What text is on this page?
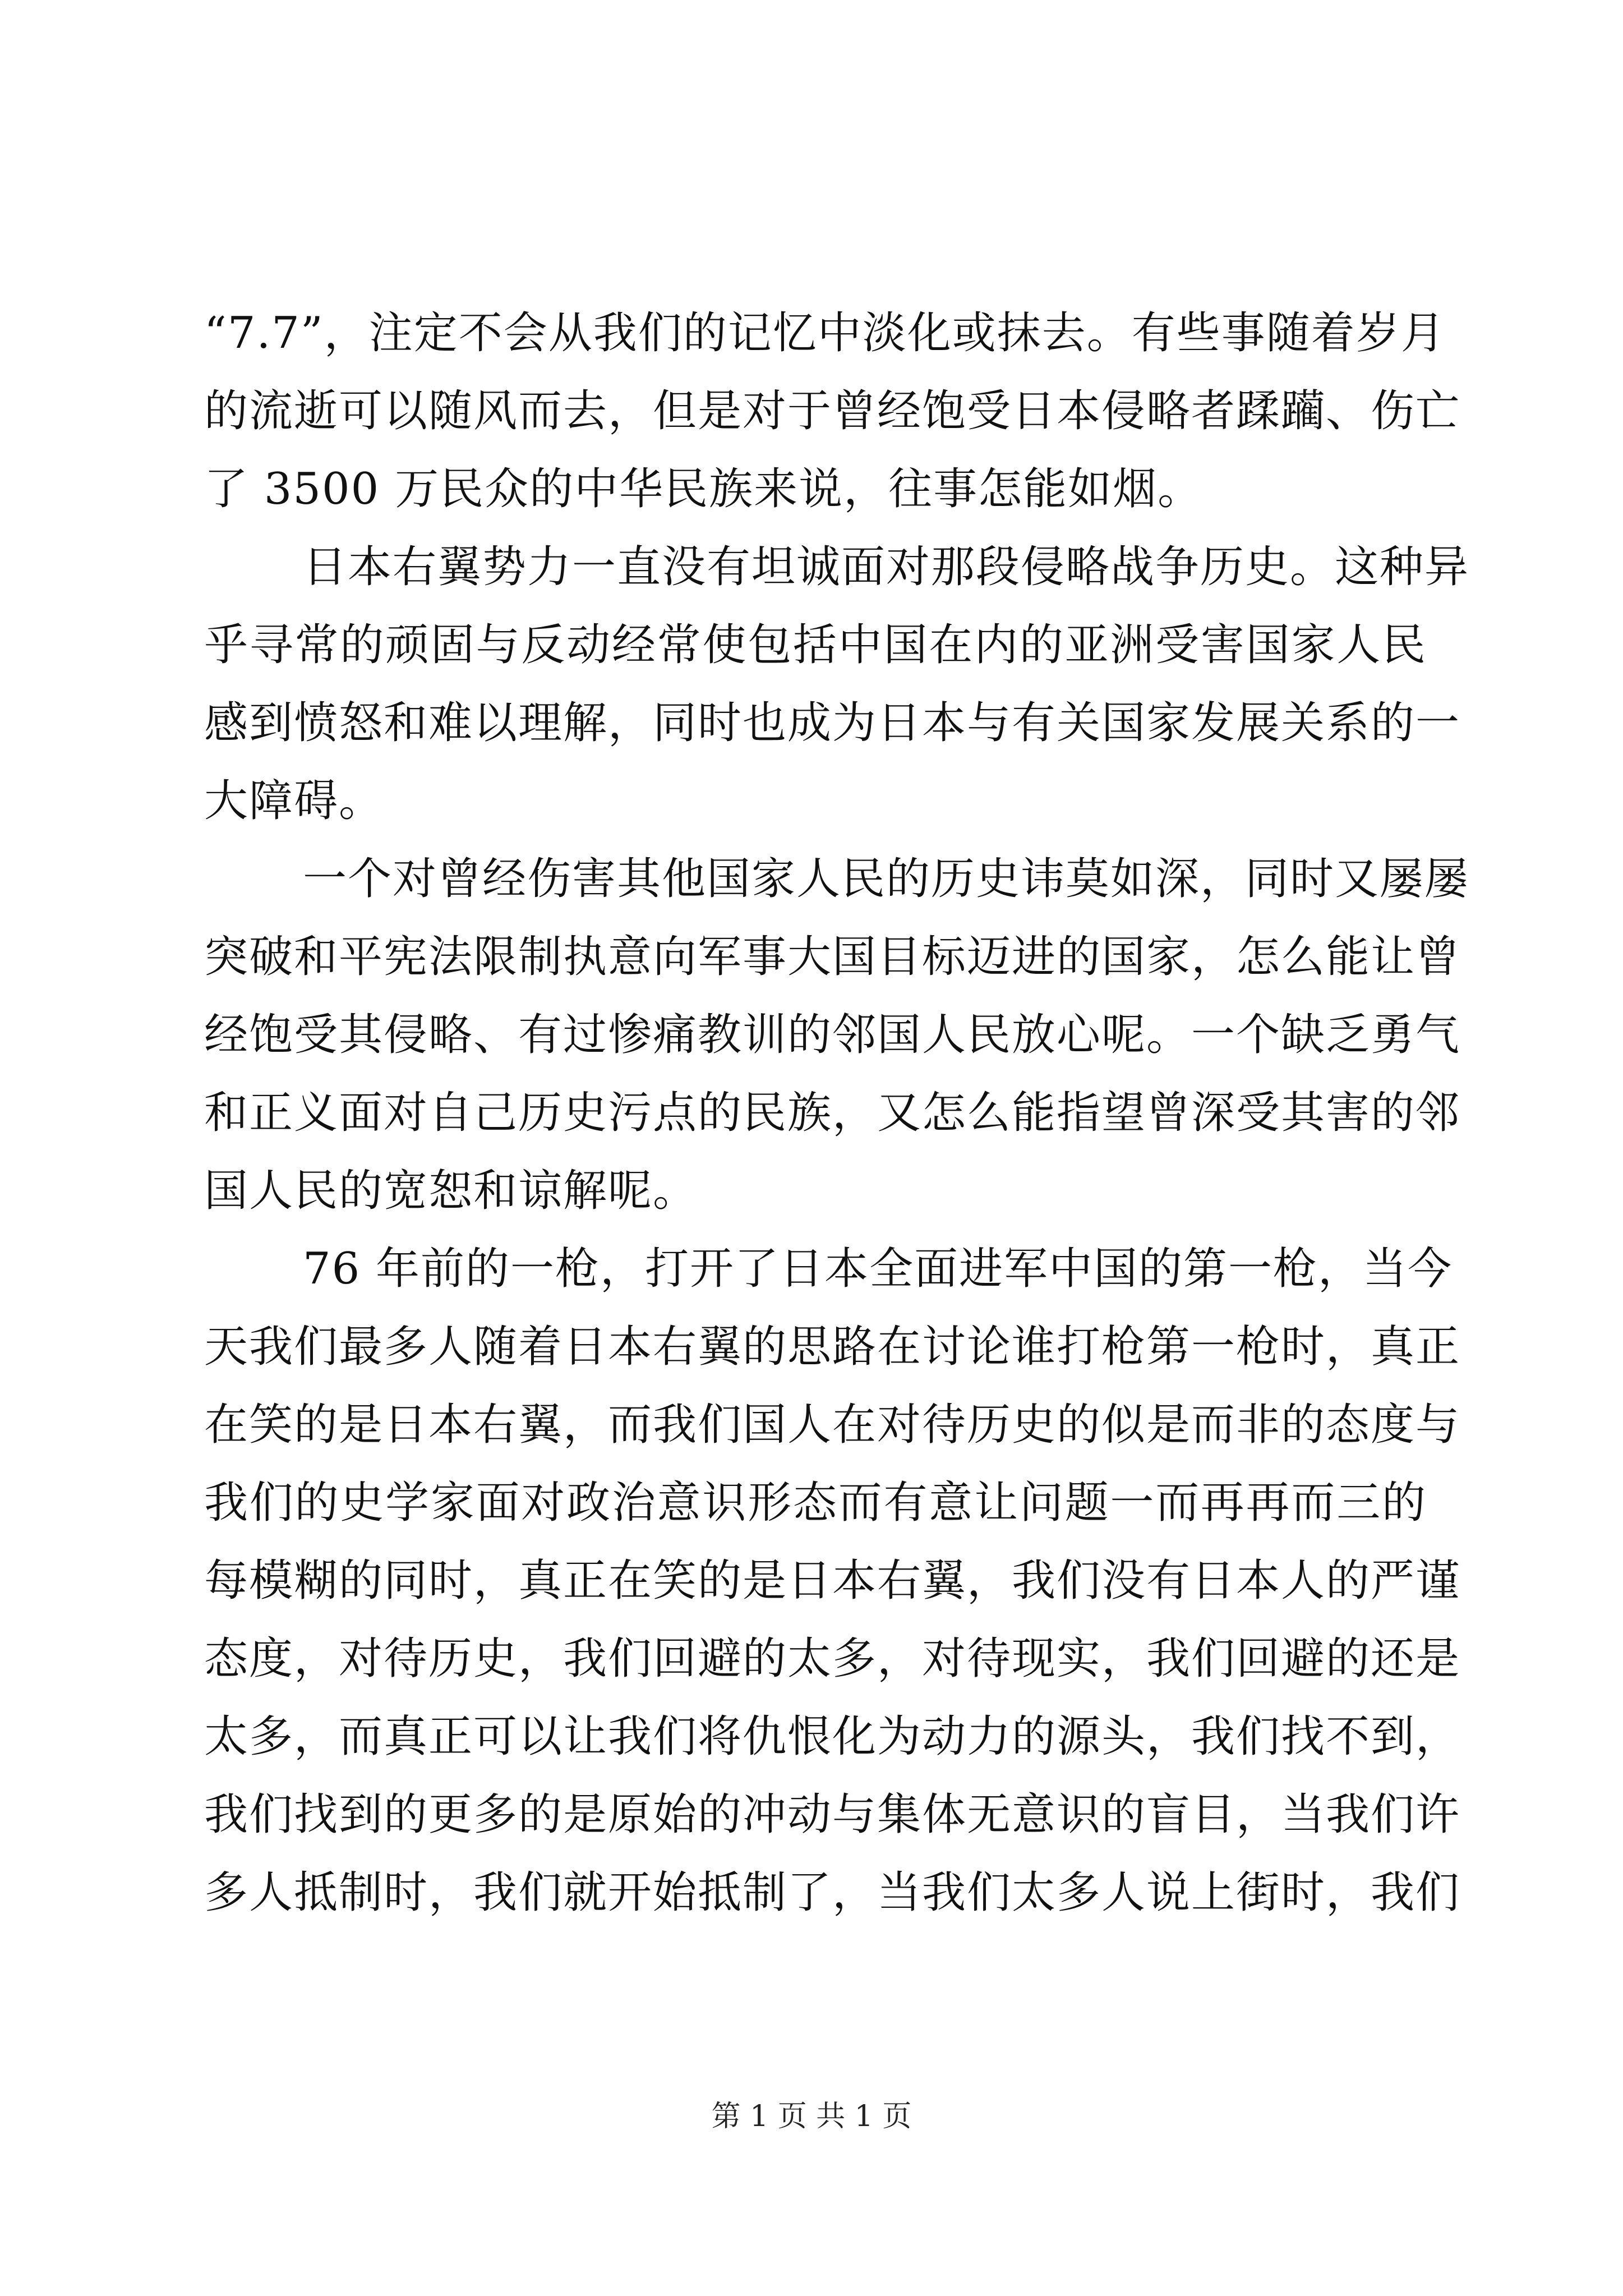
“7.7”，注定不会从我们的记忆中淡化或抹去。有些事随着岁月
的流逝可以随风而去，但是对于曾经饱受日本侵略者蹂躏、伤亡
了 3500 万民众的中华民族来说，往事怎能如烟。
日本右翼势力一直没有坦诚面对那段侵略战争历史。这种异
乎寻常的顽固与反动经常使包括中国在内的亚洲受害国家人民
感到愤怒和难以理解，同时也成为日本与有关国家发展关系的一
大障碍。
一个对曾经伤害其他国家人民的历史讳莫如深，同时又屡屡
突破和平宪法限制执意向军事大国目标迈进的国家，怎么能让曾
经饱受其侵略、有过惨痛教训的邻国人民放心呢。一个缺乏勇气
和正义面对自己历史污点的民族，又怎么能指望曾深受其害的邻
国人民的宽恕和谅解呢。
76 年前的一枪，打开了日本全面进军中国的第一枪，当今
天我们最多人随着日本右翼的思路在讨论谁打枪第一枪时，真正
在笑的是日本右翼，而我们国人在对待历史的似是而非的态度与
我们的史学家面对政治意识形态而有意让问题一而再再而三的
每模糊的同时，真正在笑的是日本右翼，我们没有日本人的严谨
态度，对待历史，我们回避的太多，对待现实，我们回避的还是
太多，而真正可以让我们将仇恨化为动力的源头，我们找不到，
我们找到的更多的是原始的冲动与集体无意识的盲目，当我们许
多人抵制时，我们就开始抵制了，当我们太多人说上街时，我们
第 1 页 共 1 页
